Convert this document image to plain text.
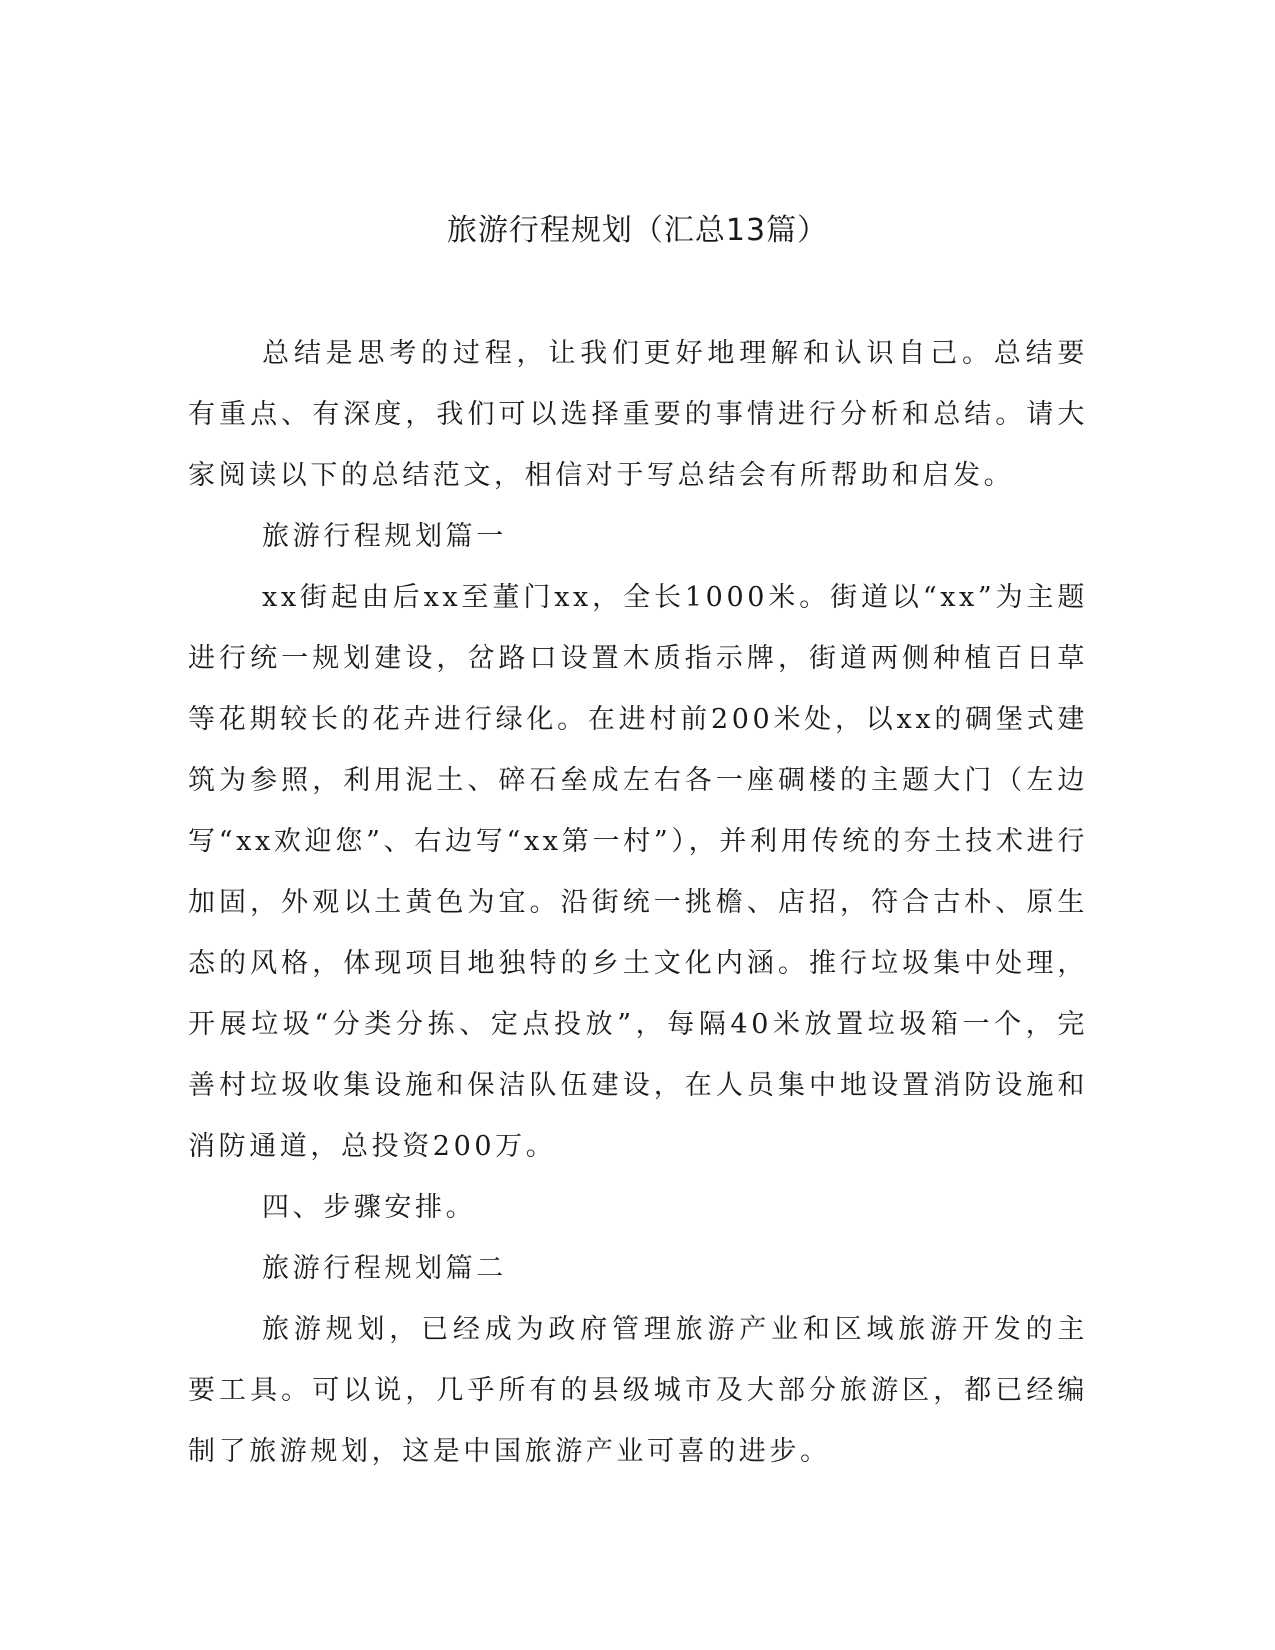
旅游行程规划（汇总13篇）

总结是思考的过程，让我们更好地理解和认识自己。总结要有重点、有深度，我们可以选择重要的事情进行分析和总结。请大家阅读以下的总结范文，相信对于写总结会有所帮助和启发。

旅游行程规划篇一

xx街起由后xx至董门xx，全长1000米。街道以“xx”为主题进行统一规划建设，岔路口设置木质指示牌，街道两侧种植百日草等花期较长的花卉进行绿化。在进村前200米处，以xx的碉堡式建筑为参照，利用泥土、碎石垒成左右各一座碉楼的主题大门（左边写“xx欢迎您”、右边写“xx第一村”），并利用传统的夯土技术进行加固，外观以土黄色为宜。沿街统一挑檐、店招，符合古朴、原生态的风格，体现项目地独特的乡土文化内涵。推行垃圾集中处理，开展垃圾“分类分拣、定点投放”，每隔40米放置垃圾箱一个，完善村垃圾收集设施和保洁队伍建设，在人员集中地设置消防设施和消防通道，总投资200万。

四、步骤安排。

旅游行程规划篇二

旅游规划，已经成为政府管理旅游产业和区域旅游开发的主要工具。可以说，几乎所有的县级城市及大部分旅游区，都已经编制了旅游规划，这是中国旅游产业可喜的进步。
